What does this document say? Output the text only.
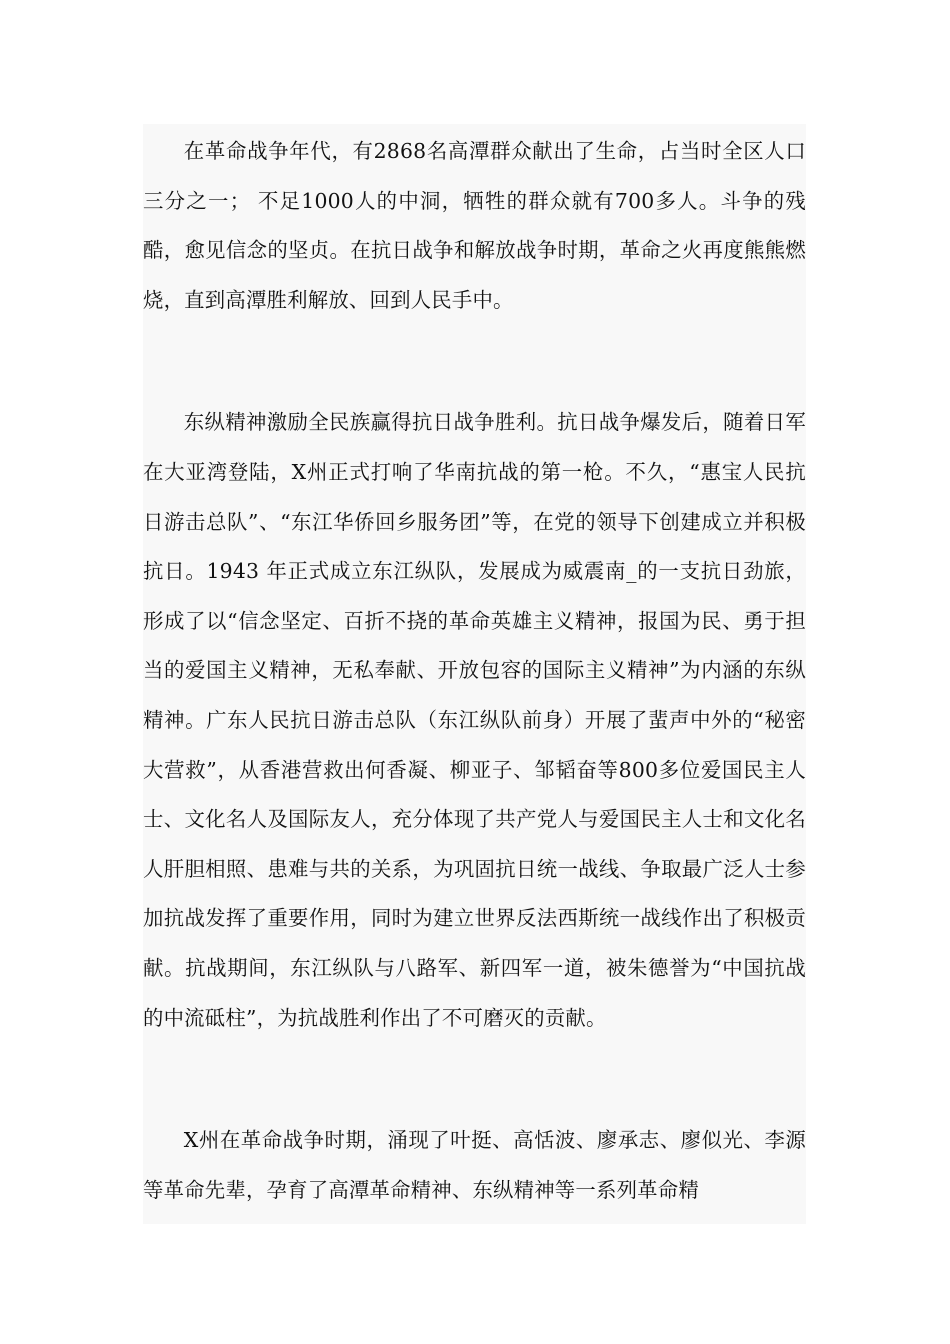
在革命战争年代，有2868名高潭群众献出了生命，占当时全区人口三分之一； 不足1000人的中洞，牺牲的群众就有700多人。斗争的残酷，愈见信念的坚贞。在抗日战争和解放战争时期，革命之火再度熊熊燃烧，直到高潭胜利解放、回到人民手中。

东纵精神激励全民族赢得抗日战争胜利。抗日战争爆发后，随着日军在大亚湾登陆，X州正式打响了华南抗战的第一枪。不久，“惠宝人民抗日游击总队”、“东江华侨回乡服务团”等，在党的领导下创建成立并积极抗日。1943 年正式成立东江纵队，发展成为威震南_的一支抗日劲旅，形成了以“信念坚定、百折不挠的革命英雄主义精神，报国为民、勇于担当的爱国主义精神，无私奉献、开放包容的国际主义精神”为内涵的东纵精神。广东人民抗日游击总队（东江纵队前身）开展了蜚声中外的“秘密大营救”，从香港营救出何香凝、柳亚子、邹韬奋等800多位爱国民主人士、文化名人及国际友人，充分体现了共产党人与爱国民主人士和文化名人肝胆相照、患难与共的关系，为巩固抗日统一战线、争取最广泛人士参加抗战发挥了重要作用，同时为建立世界反法西斯统一战线作出了积极贡献。抗战期间，东江纵队与八路军、新四军一道，被朱德誉为“中国抗战的中流砥柱”，为抗战胜利作出了不可磨灭的贡献。

X州在革命战争时期，涌现了叶挺、高恬波、廖承志、廖似光、李源等革命先辈，孕育了高潭革命精神、东纵精神等一系列革命精
